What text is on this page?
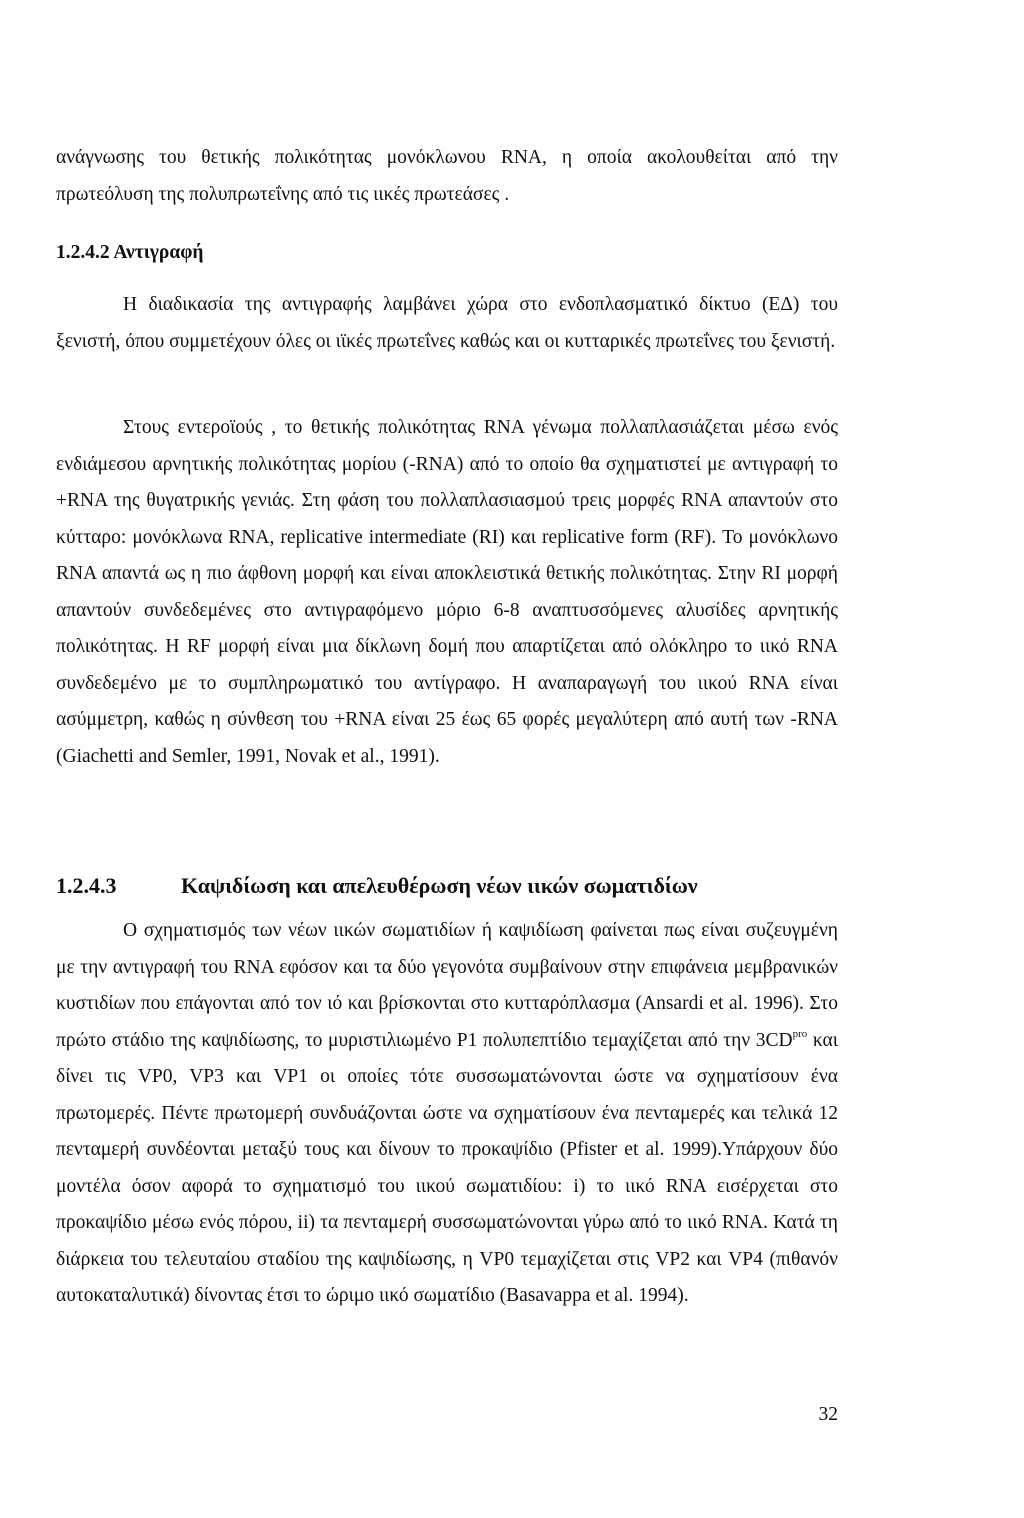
ανάγνωσης του θετικής πολικότητας μονόκλωνου RNA, η οποία ακολουθείται από την πρωτεόλυση της πολυπρωτεΐνης από τις ιικές πρωτεάσες .

1.2.4.2 Αντιγραφή

Η διαδικασία της αντιγραφής λαμβάνει χώρα στο ενδοπλασματικό δίκτυο (ΕΔ) του ξενιστή, όπου συμμετέχουν όλες οι ιϊκές πρωτεΐνες καθώς και οι κυτταρικές πρωτεΐνες του ξενιστή.

Στους εντεροϊούς , το θετικής πολικότητας RNA γένωμα πολλαπλασιάζεται μέσω ενός ενδιάμεσου αρνητικής πολικότητας μορίου (-RNA) από το οποίο θα σχηματιστεί με αντιγραφή το +RNA της θυγατρικής γενιάς. Στη φάση του πολλαπλασιασμού τρεις μορφές RNA απαντούν στο κύτταρο: μονόκλωνα RNA, replicative intermediate (RI) και replicative form (RF). Το μονόκλωνο RNA απαντά ως η πιο άφθονη μορφή και είναι αποκλειστικά θετικής πολικότητας. Στην RI μορφή απαντούν συνδεδεμένες στο αντιγραφόμενο μόριο 6-8 αναπτυσσόμενες αλυσίδες αρνητικής πολικότητας. Η RF μορφή είναι μια δίκλωνη δομή που απαρτίζεται από ολόκληρο το ιικό RNA συνδεδεμένο με το συμπληρωματικό του αντίγραφο. Η αναπαραγωγή του ιικού RNA είναι ασύμμετρη, καθώς η σύνθεση του +RNA είναι 25 έως 65 φορές μεγαλύτερη από αυτή των -RNA (Giachetti and Semler, 1991, Novak et al., 1991).

1.2.4.3	Καψιδίωση και απελευθέρωση νέων ιικών σωματιδίων

Ο σχηματισμός των νέων ιικών σωματιδίων ή καψιδίωση φαίνεται πως είναι συζευγμένη με την αντιγραφή του RNA εφόσον και τα δύο γεγονότα συμβαίνουν στην επιφάνεια μεμβρανικών κυστιδίων που επάγονται από τον ιό και βρίσκονται στο κυτταρόπλασμα (Ansardi et al. 1996). Στο πρώτο στάδιο της καψιδίωσης, το μυριστιλιωμένο P1 πολυπεπτίδιο τεμαχίζεται από την $3CD^{pro}$ και δίνει τις VP0, VP3 και VP1 οι οποίες τότε συσσωματώνονται ώστε να σχηματίσουν ένα πρωτομερές. Πέντε πρωτομερή συνδυάζονται ώστε να σχηματίσουν ένα πενταμερές και τελικά 12 πενταμερή συνδέονται μεταξύ τους και δίνουν το προκαψίδιο (Pfister et al. 1999).Υπάρχουν δύο μοντέλα όσον αφορά το σχηματισμό του ιικού σωματιδίου: i) το ιικό RNA εισέρχεται στο προκαψίδιο μέσω ενός πόρου, ii) τα πενταμερή συσσωματώνονται γύρω από το ιικό RNA. Κατά τη διάρκεια του τελευταίου σταδίου της καψιδίωσης, η VP0 τεμαχίζεται στις VP2 και VP4 (πιθανόν αυτοκαταλυτικά) δίνοντας έτσι το ώριμο ιικό σωματίδιο (Basavappa et al. 1994).

32
